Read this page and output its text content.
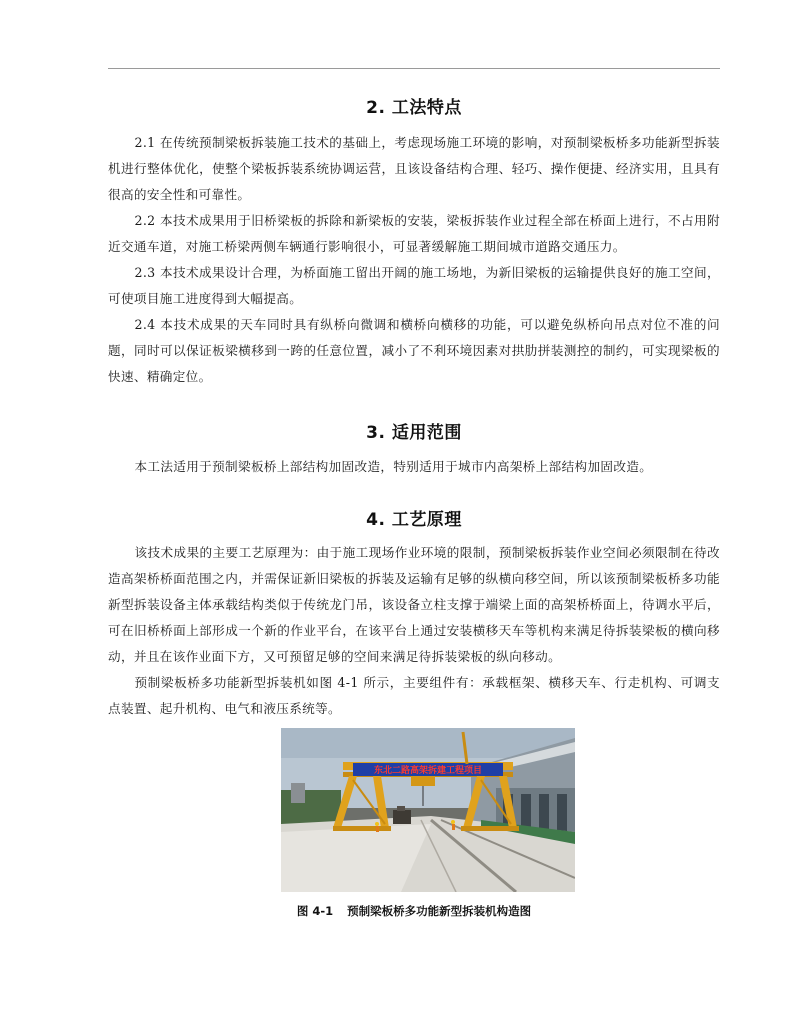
2. 工法特点

2.1 在传统预制梁板拆装施工技术的基础上，考虑现场施工环境的影响，对预制梁板桥多功能新型拆装机进行整体优化，使整个梁板拆装系统协调运营，且该设备结构合理、轻巧、操作便捷、经济实用，且具有很高的安全性和可靠性。

2.2 本技术成果用于旧桥梁板的拆除和新梁板的安装，梁板拆装作业过程全部在桥面上进行，不占用附近交通车道，对施工桥梁两侧车辆通行影响很小，可显著缓解施工期间城市道路交通压力。

2.3 本技术成果设计合理，为桥面施工留出开阔的施工场地，为新旧梁板的运输提供良好的施工空间，可使项目施工进度得到大幅提高。

2.4 本技术成果的天车同时具有纵桥向微调和横桥向横移的功能，可以避免纵桥向吊点对位不准的问题，同时可以保证板梁横移到一跨的任意位置，减小了不利环境因素对拱肋拼装测控的制约，可实现梁板的快速、精确定位。

3. 适用范围

本工法适用于预制梁板桥上部结构加固改造，特别适用于城市内高架桥上部结构加固改造。

4. 工艺原理

该技术成果的主要工艺原理为：由于施工现场作业环境的限制，预制梁板拆装作业空间必须限制在待改造高架桥桥面范围之内，并需保证新旧梁板的拆装及运输有足够的纵横向移空间，所以该预制梁板桥多功能新型拆装设备主体承载结构类似于传统龙门吊，该设备立柱支撑于端梁上面的高架桥桥面上，待调水平后，可在旧桥桥面上部形成一个新的作业平台，在该平台上通过安装横移天车等机构来满足待拆装梁板的横向移动，并且在该作业面下方，又可预留足够的空间来满足待拆装梁板的纵向移动。

预制梁板桥多功能新型拆装机如图 4-1 所示，主要组件有：承载框架、横移天车、行走机构、可调支点装置、起升机构、电气和液压系统等。

东北二路高架拆建工程项目
图 4-1 预制梁板桥多功能新型拆装机构造图
